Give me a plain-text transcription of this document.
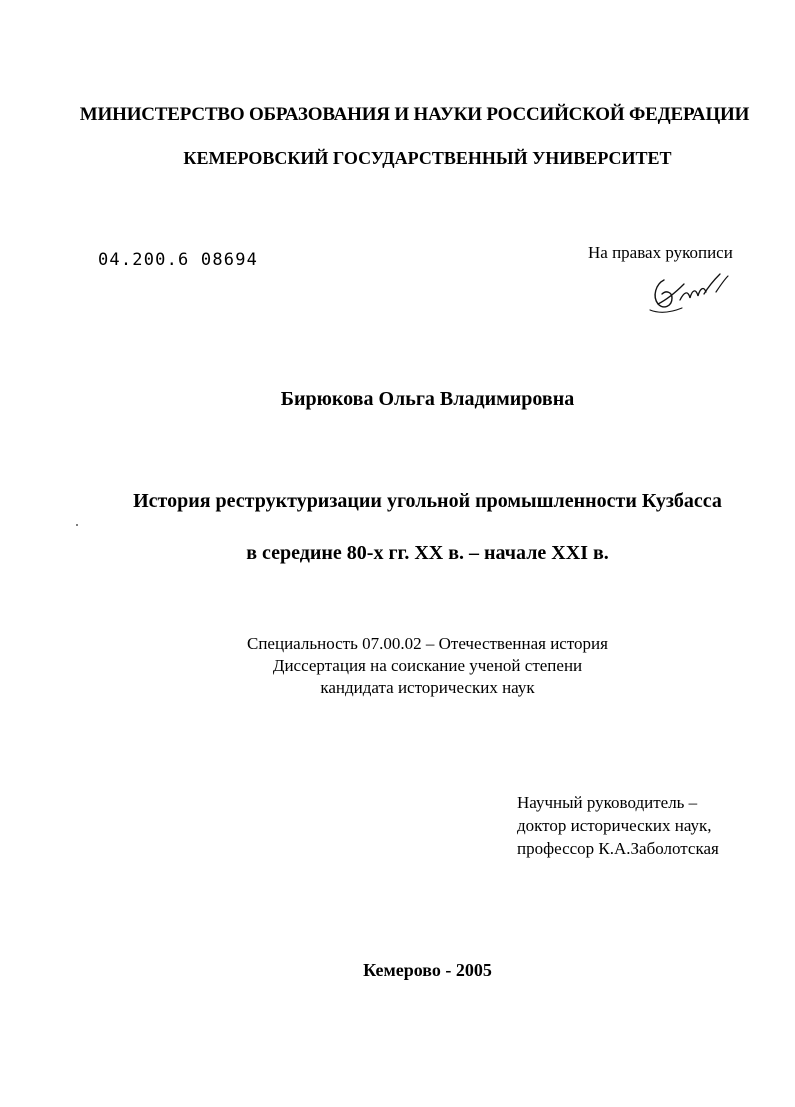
МИНИСТЕРСТВО ОБРАЗОВАНИЯ И НАУКИ РОССИЙСКОЙ ФЕДЕРАЦИИ

КЕМЕРОВСКИЙ ГОСУДАРСТВЕННЫЙ УНИВЕРСИТЕТ

04.200.6 08694	На правах рукописи

Бирюкова Ольга Владимировна

История реструктуризации угольной промышленности Кузбасса

в середине 80-х гг. XX в. – начале XXI в.

Специальность 07.00.02 – Отечественная история

Диссертация на соискание ученой степени

кандидата исторических наук

Научный руководитель –

доктор исторических наук,

профессор К.А.Заболотская

Кемерово - 2005
